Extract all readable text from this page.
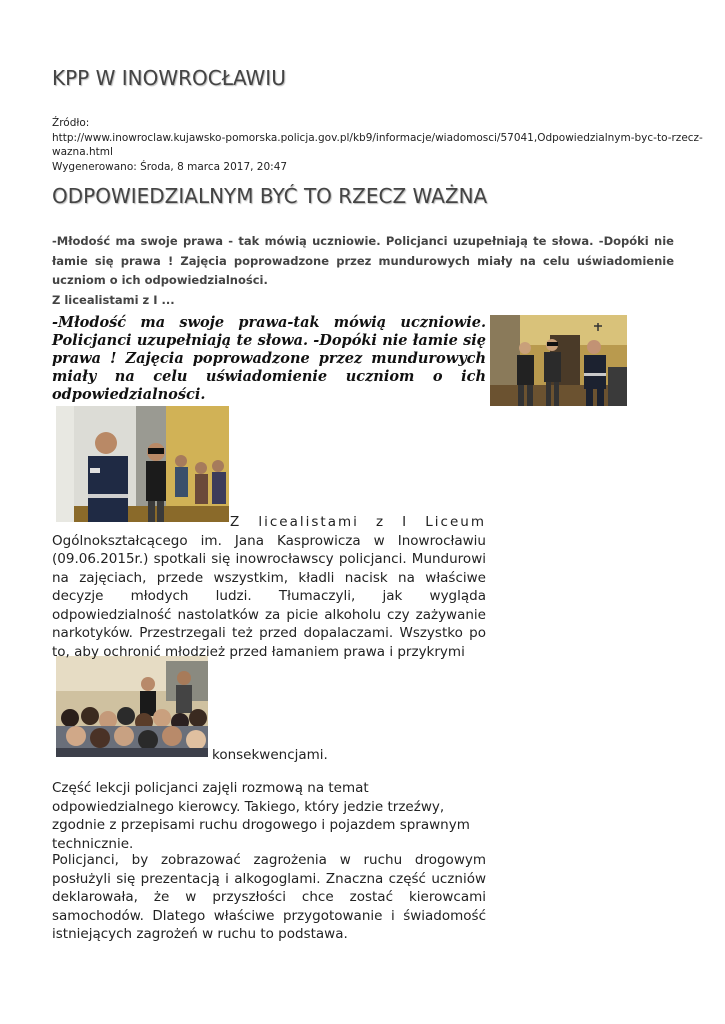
KPP W INOWROCŁAWIU
Źródło:
http://www.inowroclaw.kujawsko-pomorska.policja.gov.pl/kb9/informacje/wiadomosci/57041,Odpowiedzialnym-byc-to-rzecz-
wazna.html
Wygenerowano: Środa, 8 marca 2017, 20:47
ODPOWIEDZIALNYM BYĆ TO RZECZ WAŻNA
-Młodość ma swoje prawa - tak mówią uczniowie. Policjanci uzupełniają te słowa. -Dopóki nie łamie się prawa ! Zajęcia poprowadzone przez mundurowych miały na celu uświadomienie uczniom o ich odpowiedzialności.
Z licealistami z I ...
-Młodość ma swoje prawa-tak mówią uczniowie. Policjanci uzupełniają te słowa. -Dopóki nie łamie się prawa ! Zajęcia poprowadzone przez mundurowych miały na celu uświadomienie uczniom o ich odpowiedzialności.
Z licealistami z I Liceum
Ogólnokształcącego im. Jana Kasprowicza w Inowrocławiu (09.06.2015r.) spotkali się inowrocławscy policjanci. Mundurowi na zajęciach, przede wszystkim, kładli nacisk na właściwe decyzje młodych ludzi. Tłumaczyli, jak wygląda odpowiedzialność nastolatków za picie alkoholu czy zażywanie narkotyków. Przestrzegali też przed dopalaczami. Wszystko po to, aby ochronić młodzież przed łamaniem prawa i przykrymi
konsekwencjami.
Część lekcji policjanci zajęli rozmową na temat odpowiedzialnego kierowcy. Takiego, który jedzie trzeźwy, zgodnie z przepisami ruchu drogowego i pojazdem sprawnym technicznie.
Policjanci, by zobrazować zagrożenia w ruchu drogowym posłużyli się prezentacją i alkogoglami. Znaczna część uczniów deklarowała, że w przyszłości chce zostać kierowcami samochodów. Dlatego właściwe przygotowanie i świadomość istniejących zagrożeń w ruchu to podstawa.
